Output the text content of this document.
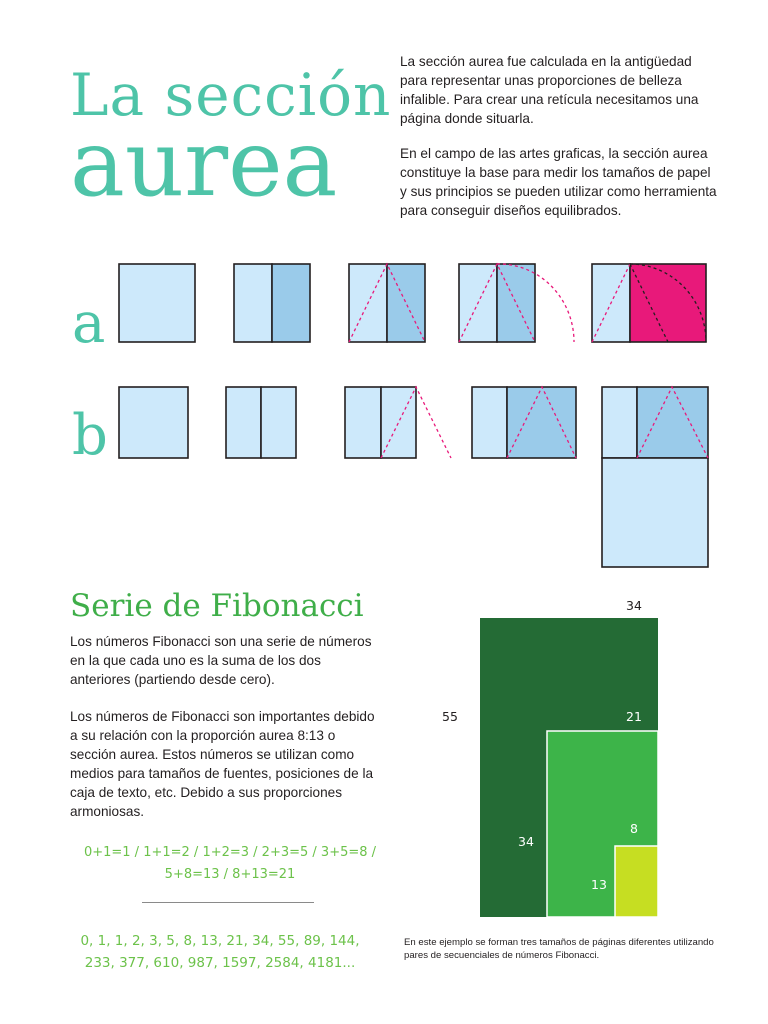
La sección
aurea

La sección aurea fue calculada en la antigüedad para representar unas proporciones de belleza infalible. Para crear una retícula necesitamos una página donde situarla.

En el campo de las artes graficas, la sección aurea constituye la base para medir los tamaños de papel y sus principios se pueden utilizar como herramienta para conseguir diseños equilibrados.

a
b
Serie de Fibonacci

Los números Fibonacci son una serie de números en la que cada uno es la suma de los dos anteriores (partiendo desde cero).

Los números de Fibonacci son importantes debido a su relación con la proporción aurea 8:13 o sección aurea. Estos números se utilizan como medios para tamaños de fuentes, posiciones de la caja de texto, etc. Debido a sus proporciones armoniosas.

0+1=1 / 1+1=2 / 1+2=3 / 2+3=5 / 3+5=8 /
5+8=13 / 8+13=21
0, 1, 1, 2, 3, 5, 8, 13, 21, 34, 55, 89, 144,
233, 377, 610, 987, 1597, 2584, 4181...
34
55	21
34
8
13
En este ejemplo se forman tres tamaños de páginas diferentes utilizando pares de secuenciales de números Fibonacci.
